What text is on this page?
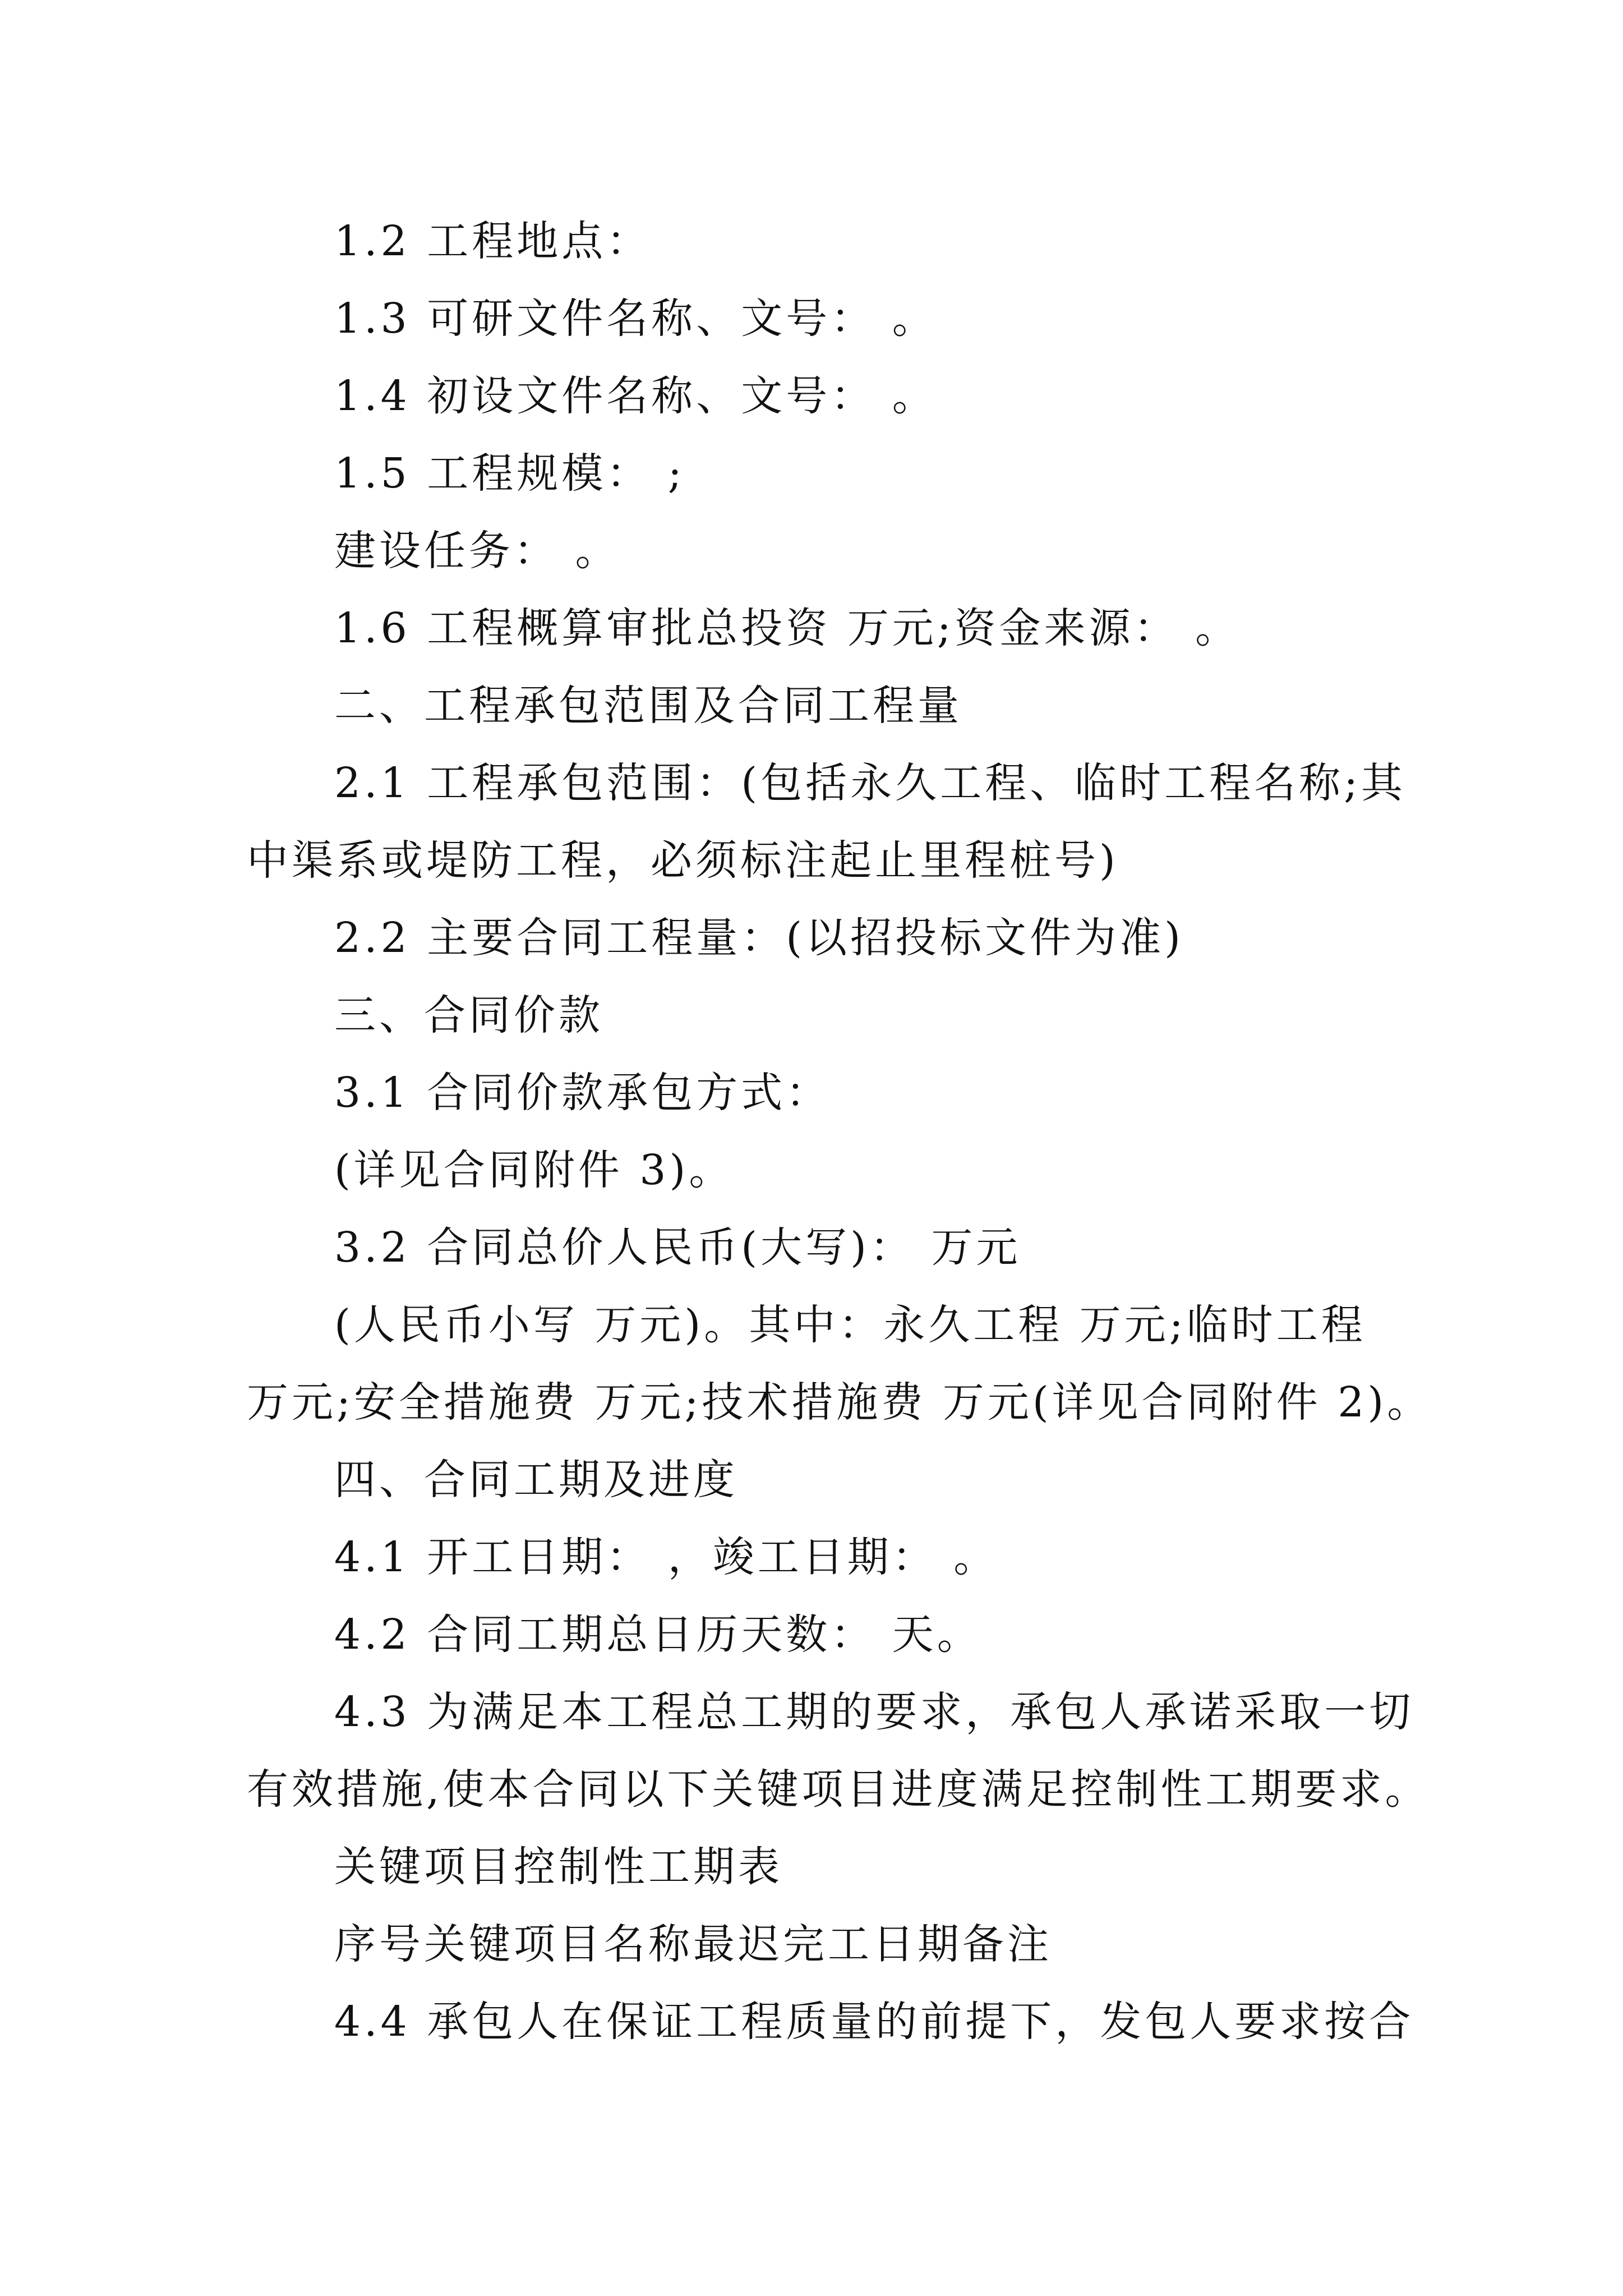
1.2 工程地点：
1.3 可研文件名称、文号： 。
1.4 初设文件名称、文号： 。
1.5 工程规模： ;
建设任务： 。
1.6 工程概算审批总投资 万元;资金来源： 。
二、工程承包范围及合同工程量
2.1 工程承包范围：(包括永久工程、临时工程名称;其
中渠系或堤防工程，必须标注起止里程桩号)
2.2 主要合同工程量：(以招投标文件为准)
三、合同价款
3.1 合同价款承包方式：
(详见合同附件 3)。
3.2 合同总价人民币(大写)： 万元
(人民币小写 万元)。其中：永久工程 万元;临时工程
万元;安全措施费 万元;技术措施费 万元(详见合同附件 2)。
四、合同工期及进度
4.1 开工日期： ，竣工日期： 。
4.2 合同工期总日历天数： 天。
4.3 为满足本工程总工期的要求，承包人承诺采取一切
有效措施,使本合同以下关键项目进度满足控制性工期要求。
关键项目控制性工期表
序号关键项目名称最迟完工日期备注
4.4 承包人在保证工程质量的前提下，发包人要求按合
